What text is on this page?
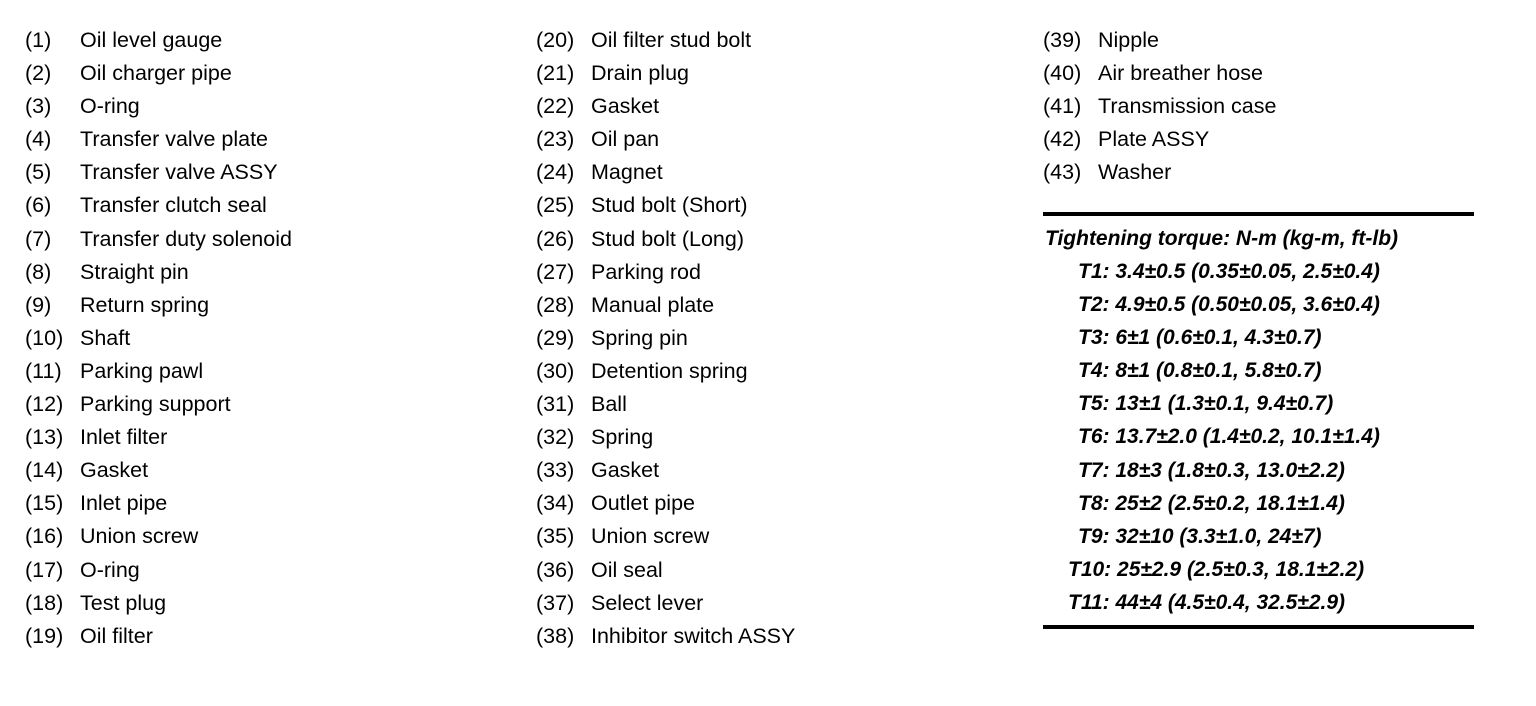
(1)	Oil level gauge
(2)	Oil charger pipe
(3)	O-ring
(4)	Transfer valve plate
(5)	Transfer valve ASSY
(6)	Transfer clutch seal
(7)	Transfer duty solenoid
(8)	Straight pin
(9)	Return spring
(10) Shaft
(11) Parking pawl
(12) Parking support
(13) Inlet filter
(14) Gasket
(15) Inlet pipe
(16) Union screw
(17) O-ring
(18) Test plug
(19) Oil filter
(20) Oil filter stud bolt
(21) Drain plug
(22) Gasket
(23) Oil pan
(24) Magnet
(25) Stud bolt (Short)
(26) Stud bolt (Long)
(27) Parking rod
(28) Manual plate
(29) Spring pin
(30) Detention spring
(31) Ball
(32) Spring
(33) Gasket
(34) Outlet pipe
(35) Union screw
(36) Oil seal
(37) Select lever
(38) Inhibitor switch ASSY
(39) Nipple
(40) Air breather hose
(41) Transmission case
(42) Plate ASSY
(43) Washer
Tightening torque: N-m (kg-m, ft-lb)
T1: 3.4±0.5 (0.35±0.05, 2.5±0.4)
T2: 4.9±0.5 (0.50±0.05, 3.6±0.4)
T3: 6±1 (0.6±0.1, 4.3±0.7)
T4: 8±1 (0.8±0.1, 5.8±0.7)
T5: 13±1 (1.3±0.1, 9.4±0.7)
T6: 13.7±2.0 (1.4±0.2, 10.1±1.4)
T7: 18±3 (1.8±0.3, 13.0±2.2)
T8: 25±2 (2.5±0.2, 18.1±1.4)
T9: 32±10 (3.3±1.0, 24±7)
T10: 25±2.9 (2.5±0.3, 18.1±2.2)
T11: 44±4 (4.5±0.4, 32.5±2.9)
